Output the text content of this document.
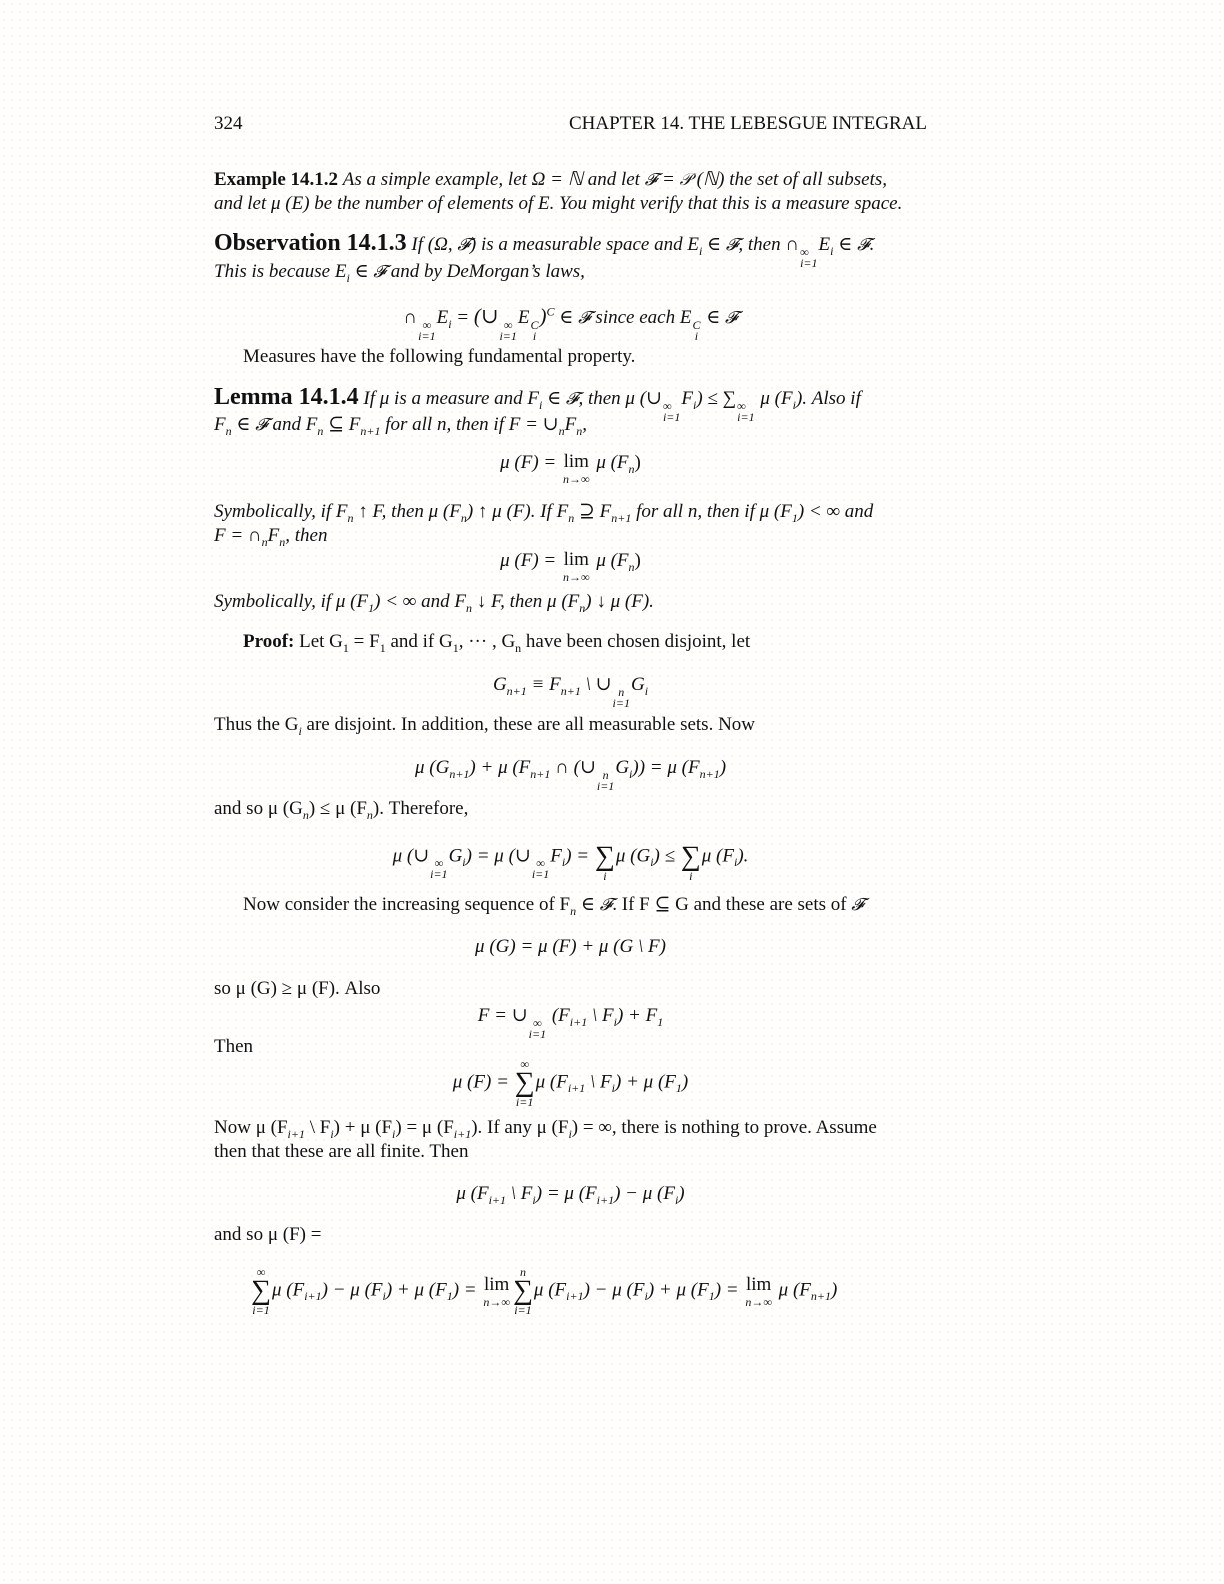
324	CHAPTER 14. THE LEBESGUE INTEGRAL
Example 14.1.2 As a simple example, let Ω = ℕ and let 𝓕 = 𝒫 (ℕ) the set of all subsets,
and let μ (E) be the number of elements of E. You might verify that this is a measure space.
Observation 14.1.3 If (Ω, 𝓕) is a measurable space and $E_i$ ∈ 𝓕, then ∩ ∞
i=1
$E_i$ ∈ 𝓕.
This is because $E_i$ ∈ 𝓕 and by DeMorgan’s laws,
∩ ∞
i=1
$E_i$ = (∪ ∞
i=1
E C
i
)$^C$ ∈ 𝓕 since each E C
i
∈ 𝓕
Measures have the following fundamental property.
Lemma 14.1.4 If μ is a measure and $F_i$ ∈ 𝓕, then μ (∪ ∞
i=1
$F_i$) ≤ ∑ ∞
i=1
μ $(F_i)$. Also if
$F_n$ ∈ 𝓕 and $F_n$ ⊆ $F_{n+1}$ for all n, then if $F = \cup_nF_n$,
μ (F) = lim
n→∞
μ $(F_n)$
Symbolically, if $F_n$ ↑ F, then μ $(F_n)$ ↑ μ (F). If $F_n$ ⊇ $F_{n+1}$ for all n, then if μ $(F_1)$ < ∞ and
$F = \cap_nF_n$, then
μ (F) = lim
n→∞
μ $(F_n)$
Symbolically, if μ $(F_1)$ < ∞ and $F_n$ ↓ F, then μ $(F_n)$ ↓ μ (F).
Proof: Let $G_1 = F_1$ and if $G_1$, ··· , $G_n$ have been chosen disjoint, let
$G_{n+1} \equiv F_{n+1}$ \ ∪ n
i=1
$G_i$
Thus the $G_i$ are disjoint. In addition, these are all measurable sets. Now
μ $(G_{n+1}) + \mu$ ($F_{n+1}$ ∩ (∪ n
i=1
$G_i)) = \mu$ $(F_{n+1})$
and so μ $(G_n) \le \mu$ $(F_n)$. Therefore,
μ (∪ ∞
i=1
$G_i) = \mu$ (∪ ∞
i=1
$F_i$) = ∑
i
μ $(G_i)$ ≤ ∑
i
μ $(F_i)$.
Now consider the increasing sequence of $F_n$ ∈ 𝓕. If F ⊆ G and these are sets of 𝓕
μ (G) = μ (F) + μ (G \ F)
so μ (G) ≥ μ (F). Also
F = ∪ ∞
i=1
($F_{i+1}$ \ $F_i) + F_1$
Then
μ (F) =
∞
∑
i=1
μ ($F_{i+1}$ \ $F_i) + \mu$ $(F_1)$
Now μ ($F_{i+1}$ \ $F_i) + \mu$ $(F_i) = \mu$ $(F_{i+1})$. If any μ $(F_i)$ = ∞, there is nothing to prove. Assume
then that these are all finite. Then
μ ($F_{i+1}$ \ $F_i) = \mu$ $(F_{i+1}) - \mu$ $(F_i)$
and so μ (F) =
∞
∑
i=1
μ $(F_{i+1}) - \mu$ $(F_i) + \mu$ $(F_1) = \lim$
n→∞
n
∑
i=1
μ $(F_{i+1}) - \mu$ $(F_i) + \mu$ $(F_1) = \lim$
n→∞
μ $(F_{n+1})$
